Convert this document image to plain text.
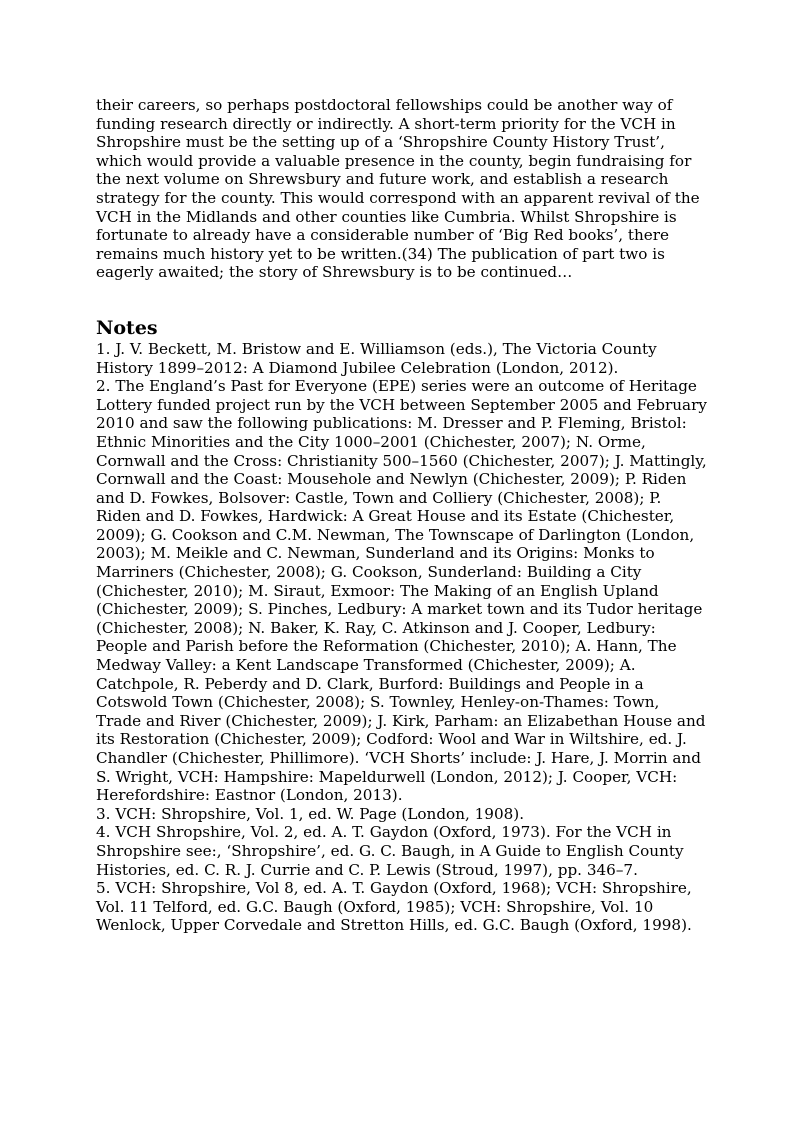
their careers, so perhaps postdoctoral fellowships could be another way of funding research directly or indirectly. A short-term priority for the VCH in Shropshire must be the setting up of a ‘Shropshire County History Trust’, which would provide a valuable presence in the county, begin fundraising for the next volume on Shrewsbury and future work, and establish a research strategy for the county. This would correspond with an apparent revival of the VCH in the Midlands and other counties like Cumbria. Whilst Shropshire is fortunate to already have a considerable number of ‘Big Red books’, there remains much history yet to be written.(34) The publication of part two is eagerly awaited; the story of Shrewsbury is to be continued…

Notes

1. J. V. Beckett, M. Bristow and E. Williamson (eds.), The Victoria County History 1899–2012: A Diamond Jubilee Celebration (London, 2012).

2. The England’s Past for Everyone (EPE) series were an outcome of Heritage Lottery funded project run by the VCH between September 2005 and February 2010 and saw the following publications: M. Dresser and P. Fleming, Bristol: Ethnic Minorities and the City 1000–2001 (Chichester, 2007); N. Orme, Cornwall and the Cross: Christianity 500–1560 (Chichester, 2007); J. Mattingly, Cornwall and the Coast: Mousehole and Newlyn (Chichester, 2009); P. Riden and D. Fowkes, Bolsover: Castle, Town and Colliery (Chichester, 2008); P. Riden and D. Fowkes, Hardwick: A Great House and its Estate (Chichester, 2009); G. Cookson and C.M. Newman, The Townscape of Darlington (London, 2003); M. Meikle and C. Newman, Sunderland and its Origins: Monks to Marriners (Chichester, 2008); G. Cookson, Sunderland: Building a City (Chichester, 2010); M. Siraut, Exmoor: The Making of an English Upland (Chichester, 2009); S. Pinches, Ledbury: A market town and its Tudor heritage (Chichester, 2008); N. Baker, K. Ray, C. Atkinson and J. Cooper, Ledbury: People and Parish before the Reformation (Chichester, 2010); A. Hann, The Medway Valley: a Kent Landscape Transformed (Chichester, 2009); A. Catchpole, R. Peberdy and D. Clark, Burford: Buildings and People in a Cotswold Town (Chichester, 2008); S. Townley, Henley-on-Thames: Town, Trade and River (Chichester, 2009); J. Kirk, Parham: an Elizabethan House and its Restoration (Chichester, 2009); Codford: Wool and War in Wiltshire, ed. J. Chandler (Chichester, Phillimore). ‘VCH Shorts’ include: J. Hare, J. Morrin and S. Wright, VCH: Hampshire: Mapeldurwell (London, 2012); J. Cooper, VCH: Herefordshire: Eastnor (London, 2013).

3. VCH: Shropshire, Vol. 1, ed. W. Page (London, 1908).

4. VCH Shropshire, Vol. 2, ed. A. T. Gaydon (Oxford, 1973). For the VCH in Shropshire see:, ‘Shropshire’, ed. G. C. Baugh, in A Guide to English County Histories, ed. C. R. J. Currie and C. P. Lewis (Stroud, 1997), pp. 346–7.

5. VCH: Shropshire, Vol 8, ed. A. T. Gaydon (Oxford, 1968); VCH: Shropshire, Vol. 11 Telford, ed. G.C. Baugh (Oxford, 1985); VCH: Shropshire, Vol. 10 Wenlock, Upper Corvedale and Stretton Hills, ed. G.C. Baugh (Oxford, 1998).
